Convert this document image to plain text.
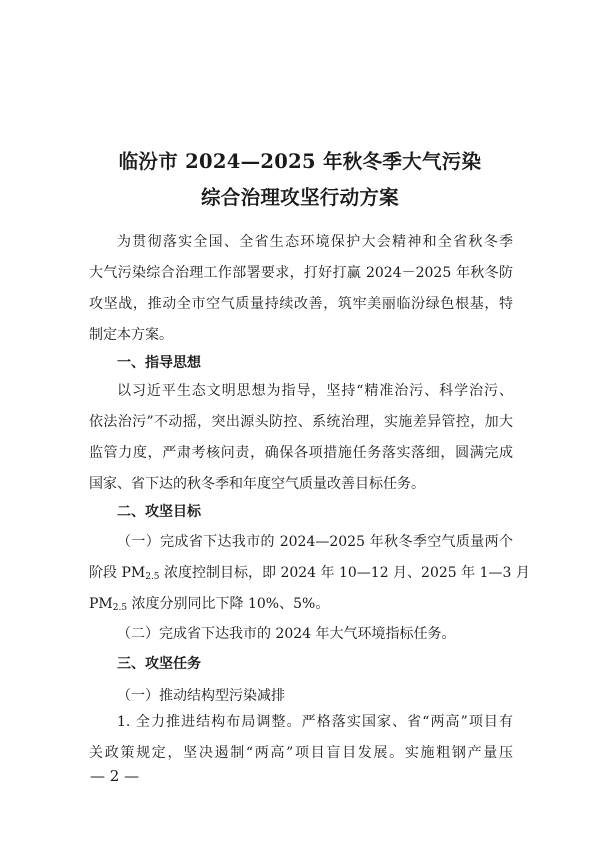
临汾市 2024—2025 年秋冬季大气污染
综合治理攻坚行动方案
为贯彻落实全国、全省生态环境保护大会精神和全省秋冬季
大气污染综合治理工作部署要求，打好打赢 2024－2025 年秋冬防
攻坚战，推动全市空气质量持续改善，筑牢美丽临汾绿色根基，特
制定本方案。
一、指导思想
以习近平生态文明思想为指导，坚持“精准治污、科学治污、
依法治污”不动摇，突出源头防控、系统治理，实施差异管控，加大
监管力度，严肃考核问责，确保各项措施任务落实落细，圆满完成
国家、省下达的秋冬季和年度空气质量改善目标任务。
二、攻坚目标
（一）完成省下达我市的 2024—2025 年秋冬季空气质量两个
阶段 $PM_{2.5}$ 浓度控制目标，即 2024 年 10—12 月、2025 年 1—3 月
$PM_{2.5}$ 浓度分别同比下降 10%、5%。
（二）完成省下达我市的 2024 年大气环境指标任务。
三、攻坚任务
（一）推动结构型污染减排
1. 全力推进结构布局调整。严格落实国家、省“两高”项目有
关政策规定，坚决遏制“两高”项目盲目发展。实施粗钢产量压
— 2 —
